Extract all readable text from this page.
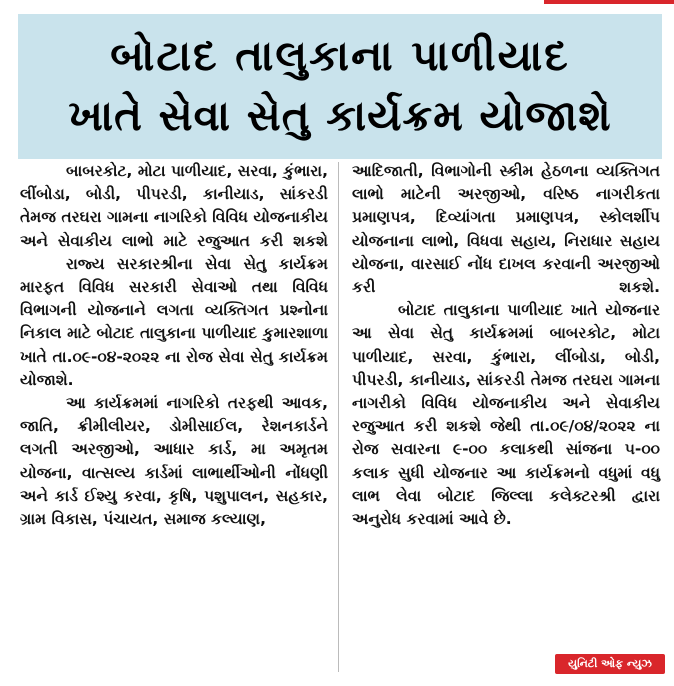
બોટાદ તાલુકાના પાળીયાદ
ખાતે સેવા સેતુ કાર્યક્રમ યોજાશે

બાબરકોટ, મોટા પાળીયાદ, સરવા, કુંભારા, લીંબોડા, બોડી, પીપરડી, કાનીયાડ, સાંકરડી તેમજ તરઘરા ગામના નાગરિકો વિવિધ યોજનાકીય અને સેવાકીય લાભો માટે રજુઆત કરી શકશે

રાજ્ય સરકારશ્રીના સેવા સેતુ કાર્યક્રમ મારફત વિવિધ સરકારી સેવાઓ તથા વિવિધ વિભાગની યોજનાને લગતા વ્યક્તિગત પ્રશ્નોના નિકાલ માટે બોટાદ તાલુકાના પાળીયાદ કુમારશાળા ખાતે તા.૦૯-૦૪-૨૦૨૨ ના રોજ સેવા સેતુ કાર્યક્રમ યોજાશે.

આ કાર્યક્રમમાં નાગરિકો તરફથી આવક, જાતિ, ક્રીમીલીયર, ડોમીસાઈલ, રેશનકાર્ડને લગતી અરજીઓ, આધાર કાર્ડ, મા અમૃતમ યોજના, વાત્સલ્ય કાર્ડમાં લાભાર્થીઓની નોંધણી અને કાર્ડ ઈશ્યુ કરવા, કૃષિ, પશુપાલન, સહકાર, ગ્રામ વિકાસ, પંચાયત, સમાજ કલ્યાણ,

આદિજાતી, વિભાગોની સ્કીમ હેઠળના વ્યક્તિગત લાભો માટેની અરજીઓ, વરિષ્ઠ નાગરીકતા પ્રમાણપત્ર, દિવ્યાંગતા પ્રમાણપત્ર, સ્કોલર્શીપ યોજનાના લાભો, વિધવા સહાય, નિરાધાર સહાય યોજના, વારસાઈ નોંધ દાખલ કરવાની અરજીઓ કરી શકશે.

બોટાદ તાલુકાના પાળીયાદ ખાતે યોજનાર આ સેવા સેતુ કાર્યક્રમમાં બાબરકોટ, મોટા પાળીયાદ, સરવા, કુંભારા, લીંબોડા, બોડી, પીપરડી, કાનીયાડ, સાંકરડી તેમજ તરઘરા ગામના નાગરીકો વિવિધ યોજનાકીય અને સેવાકીય રજુઆત કરી શકશે જેથી તા.૦૯/૦૪/૨૦૨૨ ના રોજ સવારના ૯-૦૦ કલાકથી સાંજના ૫-૦૦ કલાક સુધી યોજનાર આ કાર્યક્રમનો વધુમાં વધુ લાભ લેવા બોટાદ જિલ્લા કલેક્ટરશ્રી દ્વારા અનુરોધ કરવામાં આવે છે.

યુનિટી ઓફ ન્યુઝ
